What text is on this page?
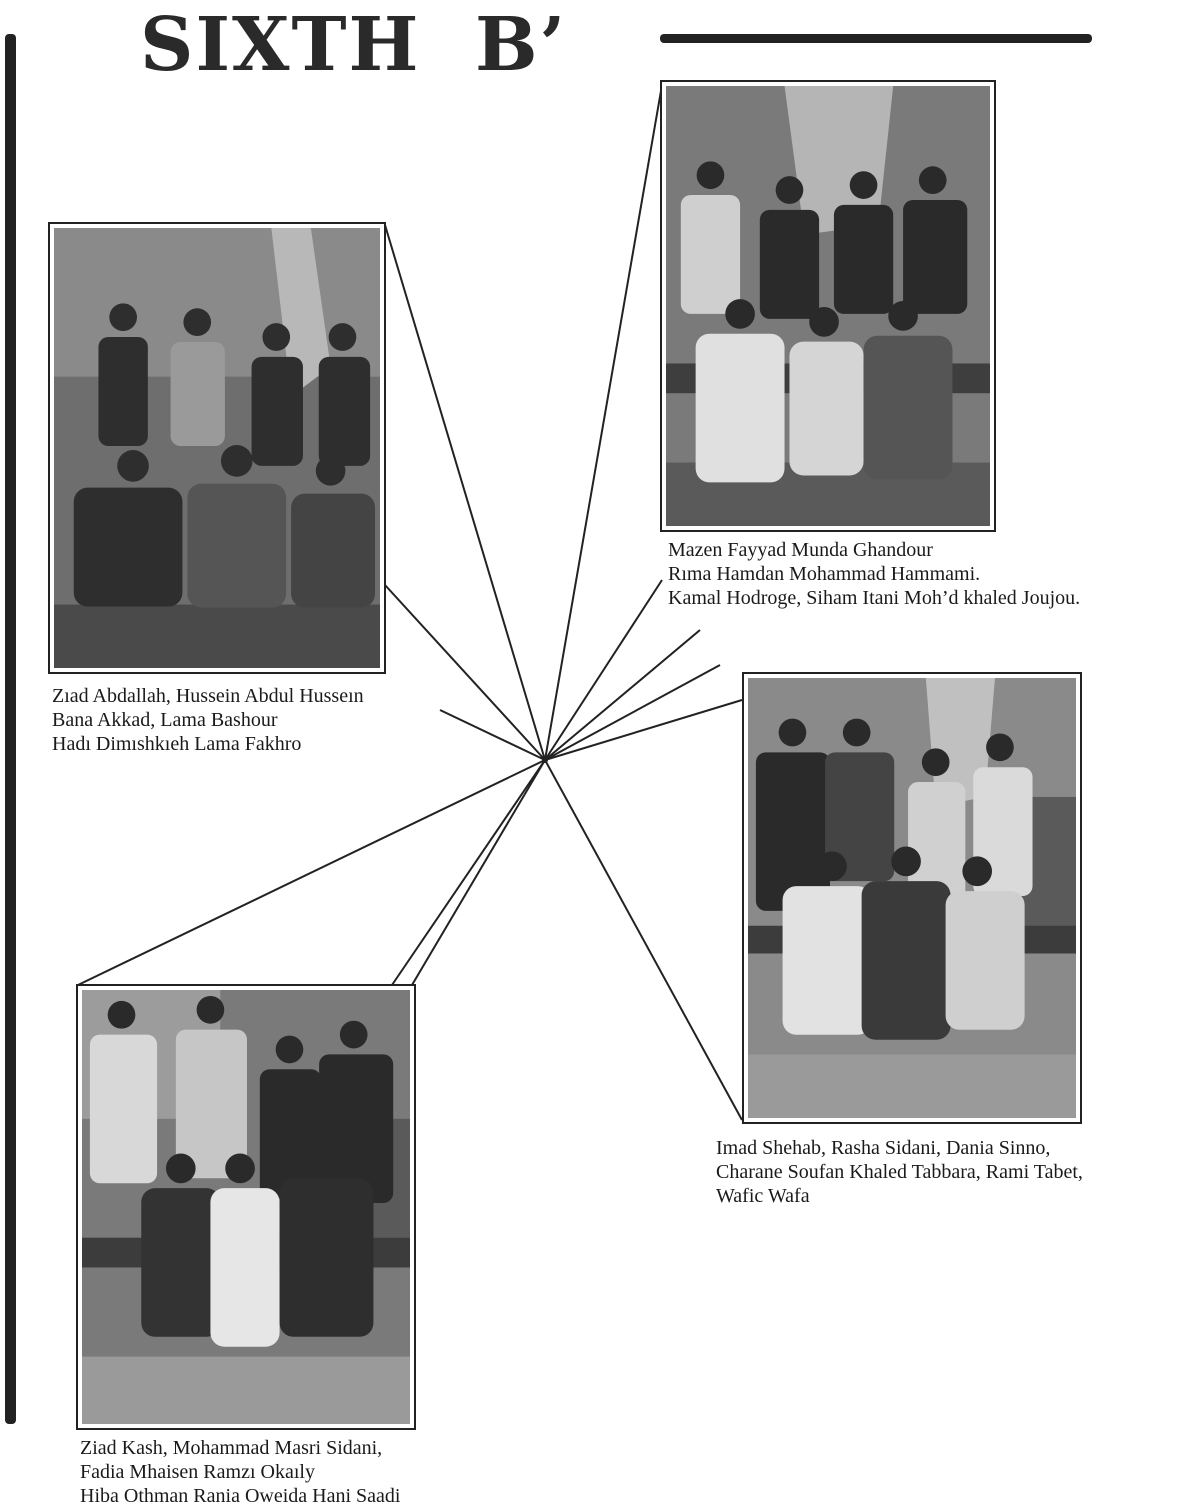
SIXTH B’
Zıad Abdallah, Hussein Abdul Husseın
Bana Akkad, Lama Bashour
Hadı Dimıshkıeh Lama Fakhro
Mazen Fayyad Munda Ghandour
Rıma Hamdan Mohammad Hammami.
Kamal Hodroge, Siham Itani Moh’d khaled Joujou.
Imad Shehab, Rasha Sidani, Dania Sinno,
Charane Soufan Khaled Tabbara, Rami Tabet,
Wafic Wafa
Ziad Kash, Mohammad Masri Sidani,
Fadia Mhaisen Ramzı Okaıly
Hiba Othman Rania Oweida Hani Saadi
